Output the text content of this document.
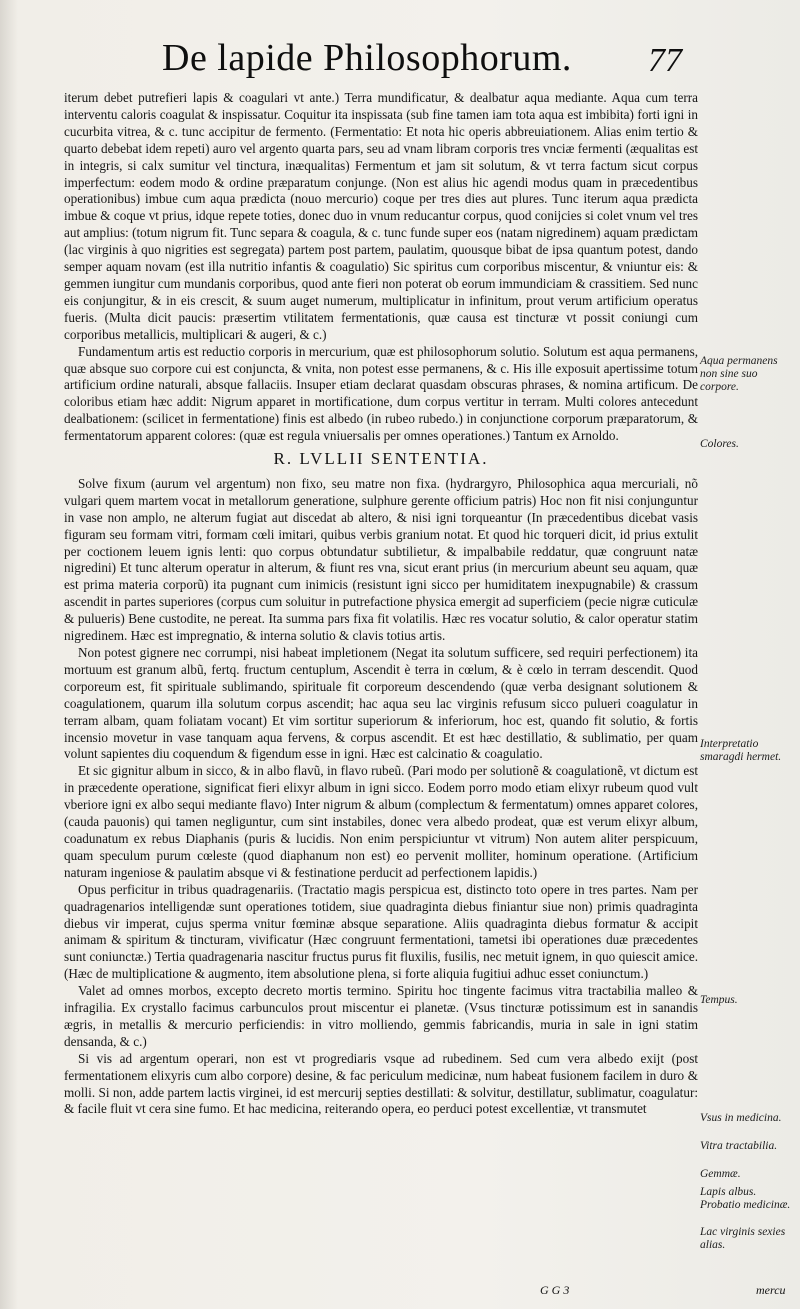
De lapide Philosophorum. 77

iterum debet putrefieri lapis & coagulari vt ante.) Terra mundificatur, & dealbatur aqua mediante. Aqua cum terra interventu caloris coagulat & inspissatur. Coquitur ita inspissata (sub fine tamen iam tota aqua est imbibita) forti igni in cucurbita vitrea, & c. tunc accipitur de fermento. (Fermentatio: Et nota hic operis abbreuiationem. Alias enim tertio & quarto debebat idem repeti) auro vel argento quarta pars, seu ad vnam libram corporis tres vnciæ fermenti (æqualitas est in integris, si calx sumitur vel tinctura, inæqualitas) Fermentum et jam sit solutum, & vt terra factum sicut corpus imperfectum: eodem modo & ordine præparatum conjunge. (Non est alius hic agendi modus quam in præcedentibus operationibus) imbue cum aqua prædicta (nouo mercurio) coque per tres dies aut plures. Tunc iterum aqua prædicta imbue & coque vt prius, idque repete toties, donec duo in vnum reducantur corpus, quod conijcies si colet vnum vel tres aut amplius: (totum nigrum fit. Tunc separa & coagula, & c. tunc funde super eos (natam nigredinem) aquam prædictam (lac virginis à quo nigrities est segregata) partem post partem, paulatim, quousque bibat de ipsa quantum potest, dando semper aquam novam (est illa nutritio infantis & coagulatio) Sic spiritus cum corporibus miscentur, & vniuntur eis: & gemmen iungitur cum mundanis corporibus, quod ante fieri non poterat ob eorum immundiciam & crassitiem. Sed nunc eis conjungitur, & in eis crescit, & suum auget numerum, multiplicatur in infinitum, prout verum artificium operatus fueris. (Multa dicit paucis: præsertim vtilitatem fermentationis, quæ causa est tincturæ vt possit coniungi cum corporibus metallicis, multiplicari & augeri, & c.)

Fundamentum artis est reductio corporis in mercurium, quæ est philosophorum solutio. Solutum est aqua permanens, quæ absque suo corpore cui est conjuncta, & vnita, non potest esse permanens, & c. His ille exposuit apertissime totum artificium ordine naturali, absque fallaciis. Insuper etiam declarat quasdam obscuras phrases, & nomina artificum. De coloribus etiam hæc addit: Nigrum apparet in mortificatione, dum corpus vertitur in terram. Multi colores antecedunt dealbationem: (scilicet in fermentatione) finis est albedo (in rubeo rubedo.) in conjunctione corporum præparatorum, & fermentatorum apparent colores: (quæ est regula vniuersalis per omnes operationes.) Tantum ex Arnoldo.

R. LVLLII SENTENTIA.

Solve fixum (aurum vel argentum) non fixo, seu matre non fixa. (hydrargyro, Philosophica aqua mercuriali, nõ vulgari quem martem vocat in metallorum generatione, sulphure gerente officium patris) Hoc non fit nisi conjunguntur in vase non amplo, ne alterum fugiat aut discedat ab altero, & nisi igni torqueantur (In præcedentibus dicebat vasis figuram seu formam vitri, formam cœli imitari, quibus verbis granium notat. Et quod hic torqueri dicit, id prius extulit per coctionem leuem ignis lenti: quo corpus obtundatur subtilietur, & impalbabile reddatur, quæ congruunt natæ nigredini) Et tunc alterum operatur in alterum, & fiunt res vna, sicut erant prius (in mercurium abeunt seu aquam, quæ est prima materia corporũ) ita pugnant cum inimicis (resistunt igni sicco per humiditatem inexpugnabile) & crassum ascendit in partes superiores (corpus cum soluitur in putrefactione physica emergit ad superficiem (pecie nigræ cuticulæ & pulueris) Bene custodite, ne pereat. Ita summa pars fixa fit volatilis. Hæc res vocatur solutio, & calor operatur statim nigredinem. Hæc est impregnatio, & interna solutio & clavis totius artis.

Non potest gignere nec corrumpi, nisi habeat impletionem (Negat ita solutum sufficere, sed requiri perfectionem) ita mortuum est granum albũ, fertq. fructum centuplum, Ascendit è terra in cœlum, & è cœlo in terram descendit. Quod corporeum est, fit spirituale sublimando, spirituale fit corporeum descendendo (quæ verba designant solutionem & coagulationem, quarum illa solutum corpus ascendit; hac aqua seu lac virginis refusum sicco pulueri coagulatur in terram albam, quam foliatam vocant) Et vim sortitur superiorum & inferiorum, hoc est, quando fit solutio, & fortis incensio movetur in vase tanquam aqua fervens, & corpus ascendit. Et est hæc destillatio, & sublimatio, per quam volunt sapientes diu coquendum & figendum esse in igni. Hæc est calcinatio & coagulatio.

Et sic gignitur album in sicco, & in albo flavũ, in flavo rubeũ. (Pari modo per solutionẽ & coagulationẽ, vt dictum est in præcedente operatione, significat fieri elixyr album in igni sicco. Eodem porro modo etiam elixyr rubeum quod vult vberiore igni ex albo sequi mediante flavo) Inter nigrum & album (complectum & fermentatum) omnes apparet colores, (cauda pauonis) qui tamen negliguntur, cum sint instabiles, donec vera albedo prodeat, quæ est verum elixyr album, coadunatum ex rebus Diaphanis (puris & lucidis. Non enim perspiciuntur vt vitrum) Non autem aliter perspicuum, quam speculum purum cœleste (quod diaphanum non est) eo pervenit molliter, hominum operatione. (Artificium naturam ingeniose & paulatim absque vi & festinatione perducit ad perfectionem lapidis.)

Opus perficitur in tribus quadragenariis. (Tractatio magis perspicua est, distincto toto opere in tres partes. Nam per quadragenarios intelligendæ sunt operationes totidem, siue quadraginta diebus finiantur siue non) primis quadraginta diebus vir imperat, cujus sperma vnitur fœminæ absque separatione. Aliis quadraginta diebus formatur & accipit animam & spiritum & tincturam, vivificatur (Hæc congruunt fermentationi, tametsi ibi operationes duæ præcedentes sunt coniunctæ.) Tertia quadragenaria nascitur fructus purus fit fluxilis, fusilis, nec metuit ignem, in quo quiescit amice. (Hæc de multiplicatione & augmento, item absolutione plena, si forte aliquia fugitiui adhuc esset coniunctum.)

Valet ad omnes morbos, excepto decreto mortis termino. Spiritu hoc tingente facimus vitra tractabilia malleo & infragilia. Ex crystallo facimus carbunculos prout miscentur ei planetæ. (Vsus tincturæ potissimum est in sanandis ægris, in metallis & mercurio perficiendis: in vitro molliendo, gemmis fabricandis, muria in sale in igni statim densanda, & c.)

Si vis ad argentum operari, non est vt progrediaris vsque ad rubedinem. Sed cum vera albedo exijt (post fermentationem elixyris cum albo corpore) desine, & fac periculum medicinæ, num habeat fusionem facilem in duro & molli. Si non, adde partem lactis virginei, id est mercurij septies destillati: & solvitur, destillatur, sublimatur, coagulatur: & facile fluit vt cera sine fumo. Et hac medicina, reiterando opera, eo perduci potest excellentiæ, vt transmutet

Aqua permanens non sine suo corpore.
Colores.
Interpretatio smaragdi hermet.
Tempus.
Vsus in medicina.
Vitra tractabilia.
Gemmæ.
Lapis albus. Probatio medicinæ.
Lac virginis sexies alias.
G G 3	mercu
